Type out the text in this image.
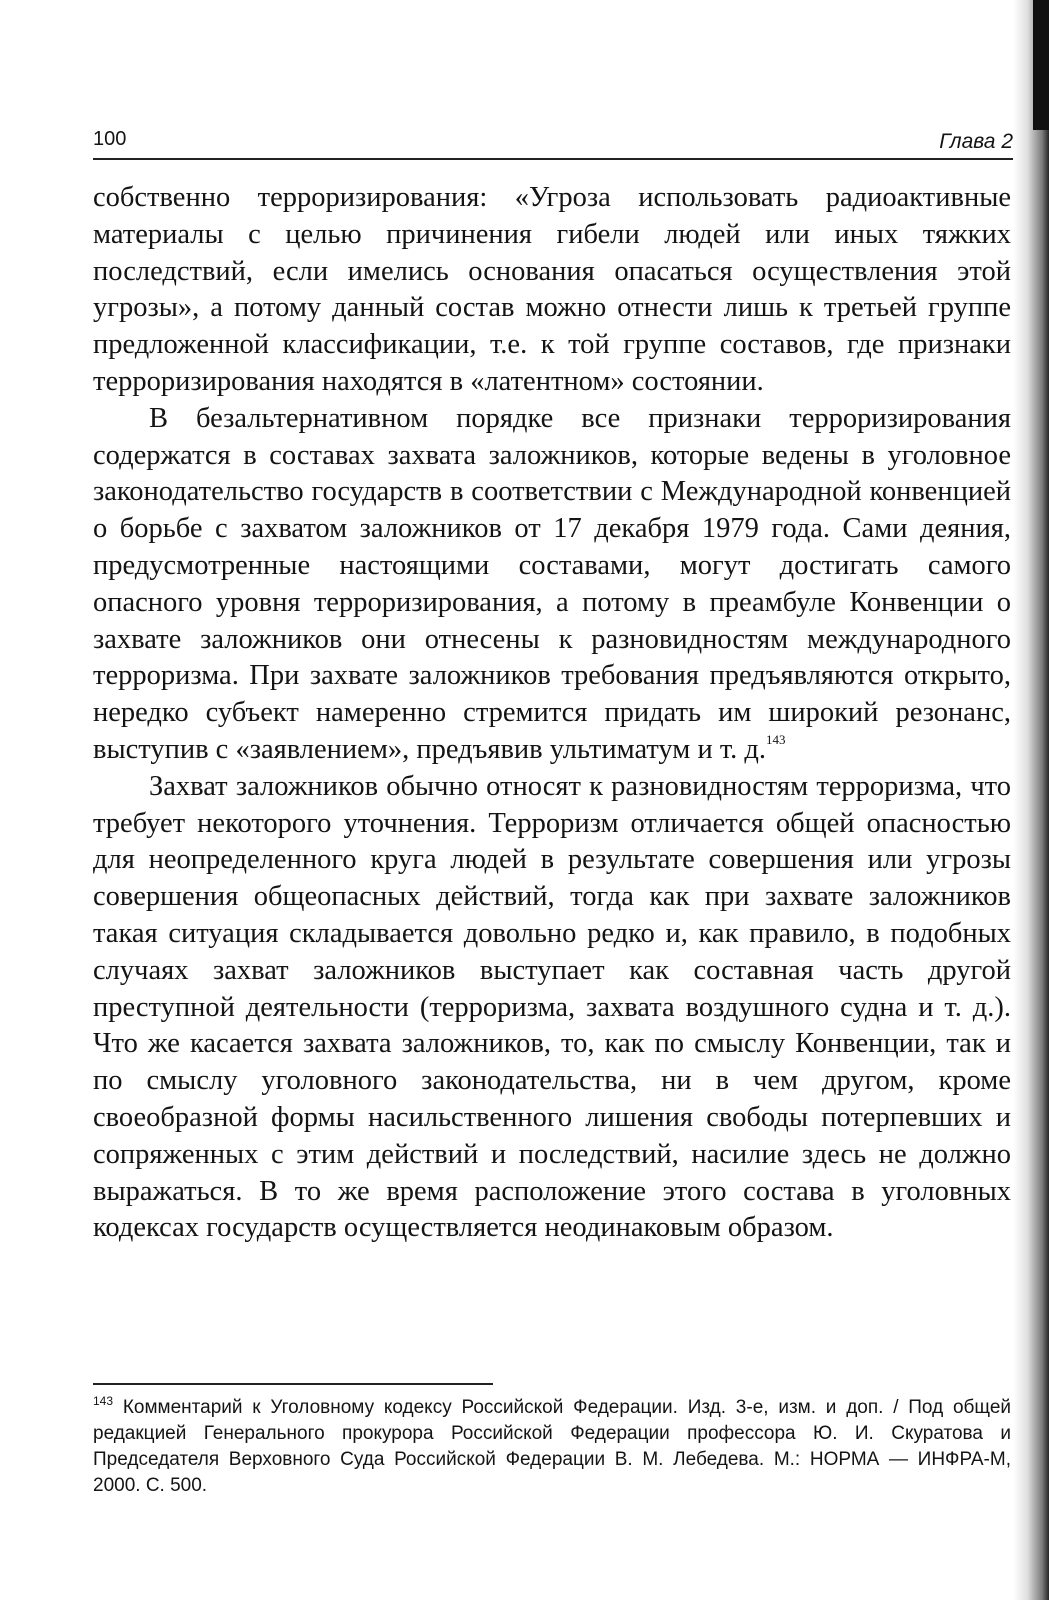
100	Глава 2

собственно терроризирования: «Угроза использовать радиоактивные материалы с целью причинения гибели людей или иных тяжких последствий, если имелись основания опасаться осуществления этой угрозы», а потому данный состав можно отнести лишь к третьей группе предложенной классификации, т.е. к той группе составов, где признаки терроризирования находятся в «латентном» состоянии.

В безальтернативном порядке все признаки терроризирования содержатся в составах захвата заложников, которые ведены в уголовное законодательство государств в соответствии с Международной конвенцией о борьбе с захватом заложников от 17 декабря 1979 года. Сами деяния, предусмотренные настоящими составами, могут достигать самого опасного уровня терроризирования, а потому в преамбуле Конвенции о захвате заложников они отнесены к разновидностям международного терроризма. При захвате заложников требования предъявляются открыто, нередко субъект намеренно стремится придать им широкий резонанс, выступив с «заявлением», предъявив ультиматум и т. д.$^{143}$

Захват заложников обычно относят к разновидностям терроризма, что требует некоторого уточнения. Терроризм отличается общей опасностью для неопределенного круга людей в результате совершения или угрозы совершения общеопасных действий, тогда как при захвате заложников такая ситуация складывается довольно редко и, как правило, в подобных случаях захват заложников выступает как составная часть другой преступной деятельности (терроризма, захвата воздушного судна и т. д.). Что же касается захвата заложников, то, как по смыслу Конвенции, так и по смыслу уголовного законодательства, ни в чем другом, кроме своеобразной формы насильственного лишения свободы потерпевших и сопряженных с этим действий и последствий, насилие здесь не должно выражаться. В то же время расположение этого состава в уголовных кодексах государств осуществляется неодинаковым образом.

$^{143}$ Комментарий к Уголовному кодексу Российской Федерации. Изд. 3-е, изм. и доп. / Под общей редакцией Генерального прокурора Российской Федерации профессора Ю. И. Скуратова и Председателя Верховного Суда Российской Федерации В. М. Лебедева. М.: НОРМА — ИНФРА-М, 2000. С. 500.
